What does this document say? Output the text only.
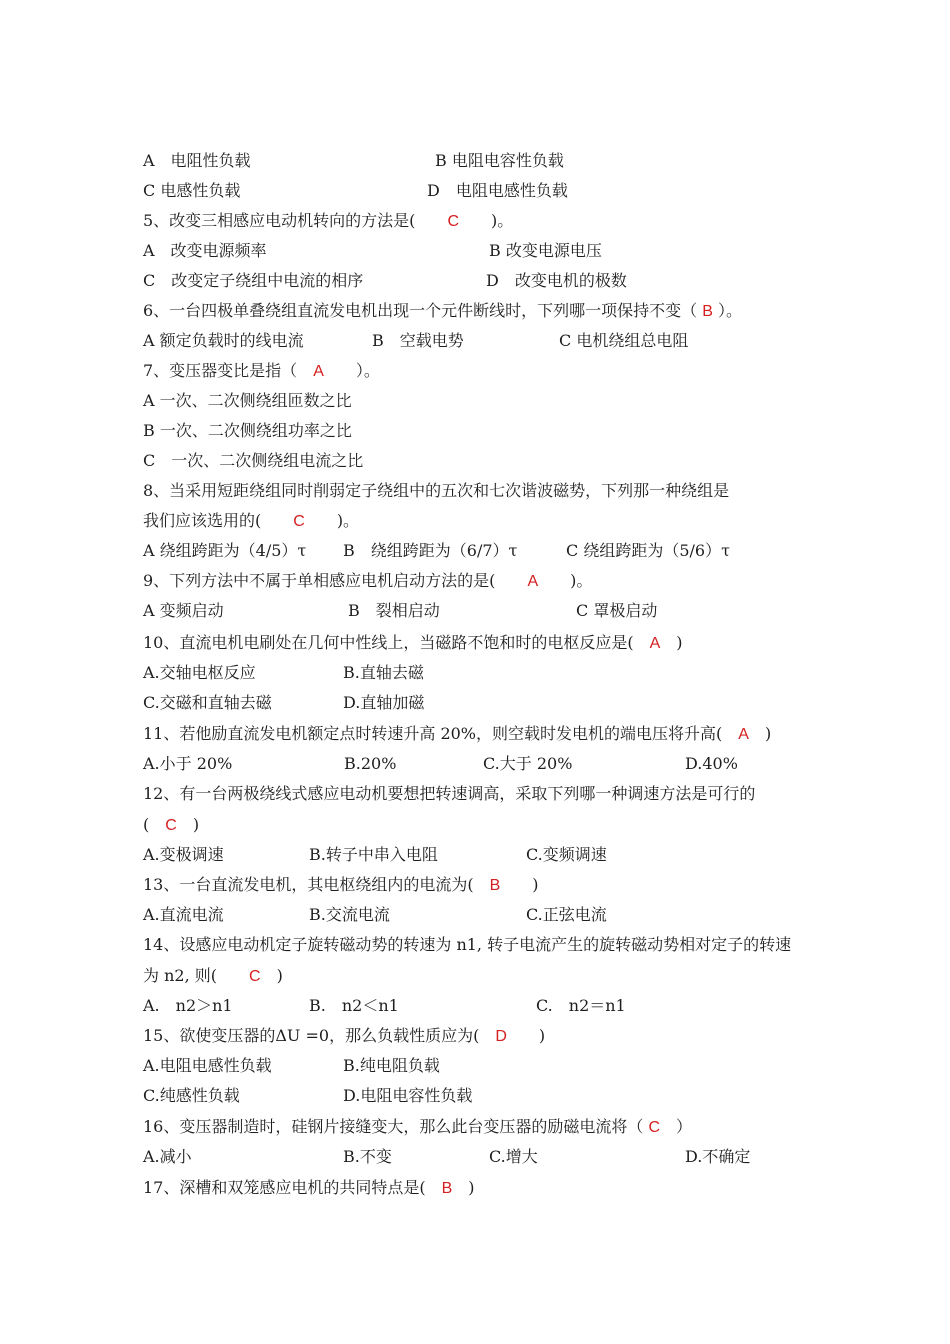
A　电阻性负载	B 电阻电容性负载
C 电感性负载	D　电阻电感性负载
5、改变三相感应电动机转向的方法是(　　C　　)。
A　改变电源频率	B 改变电源电压
C　改变定子绕组中电流的相序	D　改变电机的极数
6、一台四极单叠绕组直流发电机出现一个元件断线时，下列哪一项保持不变（ B ）。
A 额定负载时的线电流	B　空载电势	C 电机绕组总电阻
7、变压器变比是指（　A　　）。
A 一次、二次侧绕组匝数之比
B 一次、二次侧绕组功率之比
C　一次、二次侧绕组电流之比
8、当采用短距绕组同时削弱定子绕组中的五次和七次谐波磁势，下列那一种绕组是
我们应该选用的(　　C　　)。
A 绕组跨距为（4/5）τ B　绕组跨距为（6/7）τ	C 绕组跨距为（5/6）τ
9、下列方法中不属于单相感应电机启动方法的是(　　A　　)。
A 变频启动	B　裂相启动	C 罩极启动
10、直流电机电刷处在几何中性线上，当磁路不饱和时的电枢反应是(　A　)
A.交轴电枢反应	B.直轴去磁
C.交磁和直轴去磁	D.直轴加磁
11、若他励直流发电机额定点时转速升高 20%，则空载时发电机的端电压将升高(　A　)
A.小于 20%	B.20%	C.大于 20%	D.40%
12、有一台两极绕线式感应电动机要想把转速调高，采取下列哪一种调速方法是可行的
(　C　)
A.变极调速	B.转子中串入电阻	C.变频调速
13、一台直流发电机，其电枢绕组内的电流为(　B　　)
A.直流电流	B.交流电流	C.正弦电流
14、设感应电动机定子旋转磁动势的转速为 n1, 转子电流产生的旋转磁动势相对定子的转速
为 n2, 则(　　C　)
A.　n2＞n1	B.　n2＜n1	C.　n2＝n1
15、欲使变压器的ΔU =0，那么负载性质应为(　D　　)
A.电阻电感性负载	B.纯电阻负载
C.纯感性负载	D.电阻电容性负载
16、变压器制造时，硅钢片接缝变大，那么此台变压器的励磁电流将（ C　）
A.减小	B.不变	C.增大	D.不确定
17、深槽和双笼感应电机的共同特点是(　B　)
